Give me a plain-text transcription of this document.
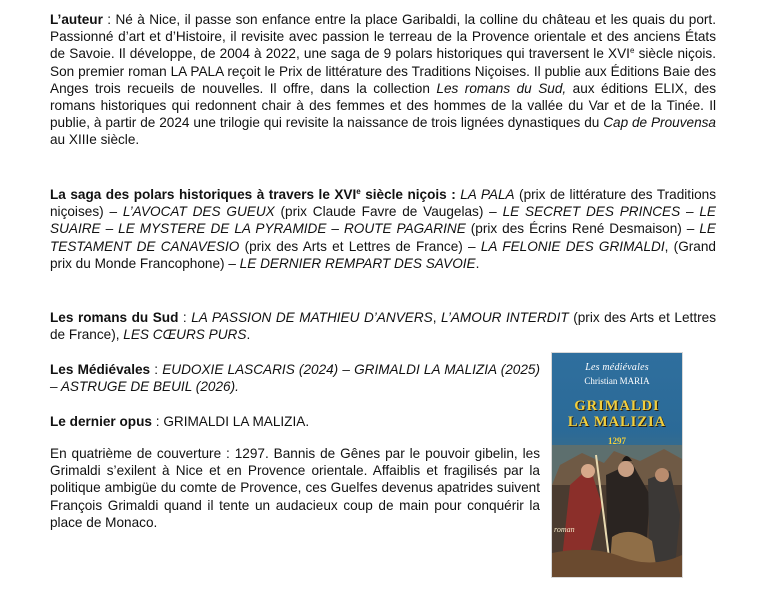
L’auteur : Né à Nice, il passe son enfance entre la place Garibaldi, la colline du château et les quais du port. Passionné d’art et d’Histoire, il revisite avec passion le terreau de la Provence orientale et des anciens États de Savoie. Il développe, de 2004 à 2022, une saga de 9 polars historiques qui traversent le XVIe siècle niçois. Son premier roman LA PALA reçoit le Prix de littérature des Traditions Niçoises. Il publie aux Éditions Baie des Anges trois recueils de nouvelles. Il offre, dans la collection Les romans du Sud, aux éditions ELIX, des romans historiques qui redonnent chair à des femmes et des hommes de la vallée du Var et de la Tinée. Il publie, à partir de 2024 une trilogie qui revisite la naissance de trois lignées dynastiques du Cap de Prouvensa au XIIIe siècle.

La saga des polars historiques à travers le XVIe siècle niçois : LA PALA (prix de littérature des Traditions niçoises) – L’AVOCAT DES GUEUX (prix Claude Favre de Vaugelas) – LE SECRET DES PRINCES – LE SUAIRE – LE MYSTERE DE LA PYRAMIDE – ROUTE PAGARINE (prix des Écrins René Desmaison) – LE TESTAMENT DE CANAVESIO (prix des Arts et Lettres de France) – LA FELONIE DES GRIMALDI, (Grand prix du Monde Francophone) – LE DERNIER REMPART DES SAVOIE.

Les romans du Sud : LA PASSION DE MATHIEU D’ANVERS, L’AMOUR INTERDIT (prix des Arts et Lettres de France), LES CŒURS PURS.

Les Médiévales : EUDOXIE LASCARIS (2024) – GRIMALDI LA MALIZIA (2025) – ASTRUGE DE BEUIL (2026).

Le dernier opus : GRIMALDI LA MALIZIA.

En quatrième de couverture : 1297. Bannis de Gênes par le pouvoir gibelin, les Grimaldi s’exilent à Nice et en Provence orientale. Affaiblis et fragilisés par la politique ambigüe du comte de Provence, ces Guelfes devenus apatrides suivent François Grimaldi quand il tente un audacieux coup de main pour conquérir la place de Monaco.

Les médiévales
Christian MARIA
GRIMALDI
LA MALIZIA
1297
roman
